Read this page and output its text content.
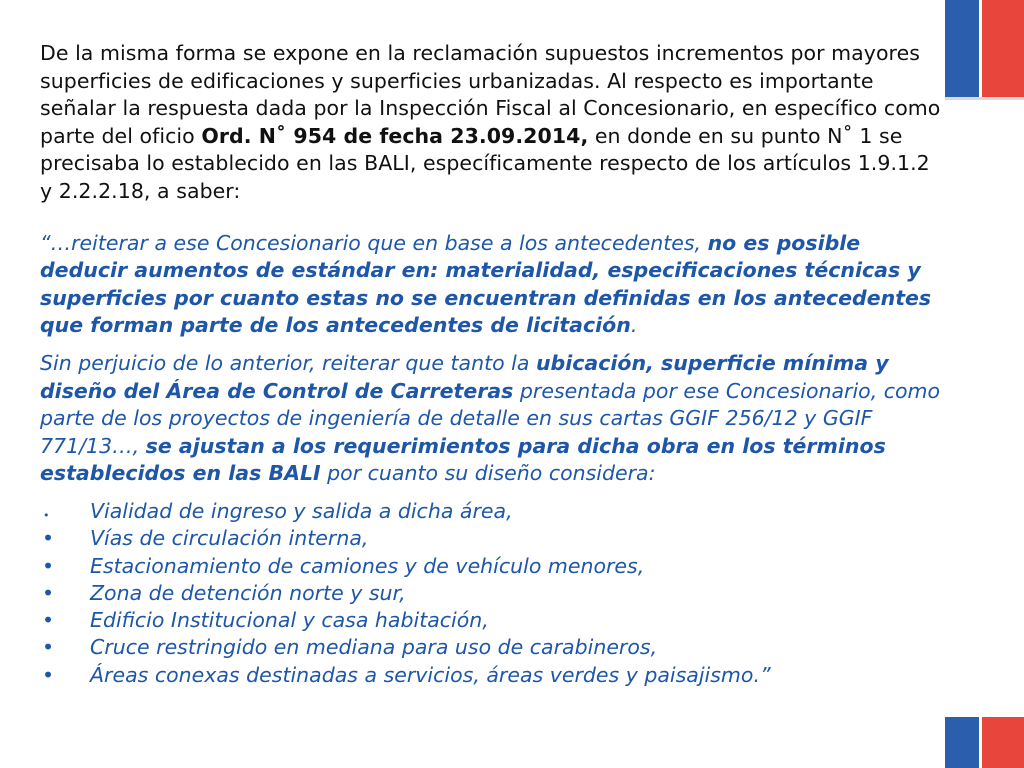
De la misma forma se expone en la reclamación supuestos incrementos por mayores superficies de edificaciones y superficies urbanizadas. Al respecto es importante señalar la respuesta dada por la Inspección Fiscal al Concesionario, en específico como parte del oficio Ord. N˚ 954 de fecha 23.09.2014, en donde en su punto N˚ 1 se precisaba lo establecido en las BALI, específicamente respecto de los artículos 1.9.1.2 y 2.2.2.18, a saber:

“…reiterar a ese Concesionario que en base a los antecedentes, no es posible deducir aumentos de estándar en: materialidad, especificaciones técnicas y superficies por cuanto estas no se encuentran definidas en los antecedentes que forman parte de los antecedentes de licitación.

Sin perjuicio de lo anterior, reiterar que tanto la ubicación, superficie mínima y diseño del Área de Control de Carreteras presentada por ese Concesionario, como parte de los proyectos de ingeniería de detalle en sus cartas GGIF 256/12 y GGIF 771/13…, se ajustan a los requerimientos para dicha obra en los términos establecidos en las BALI por cuanto su diseño considera:

• Vialidad de ingreso y salida a dicha área,
• Vías de circulación interna,
• Estacionamiento de camiones y de vehículo menores,
• Zona de detención norte y sur,
• Edificio Institucional y casa habitación,
• Cruce restringido en mediana para uso de carabineros,
• Áreas conexas destinadas a servicios, áreas verdes y paisajismo.”
